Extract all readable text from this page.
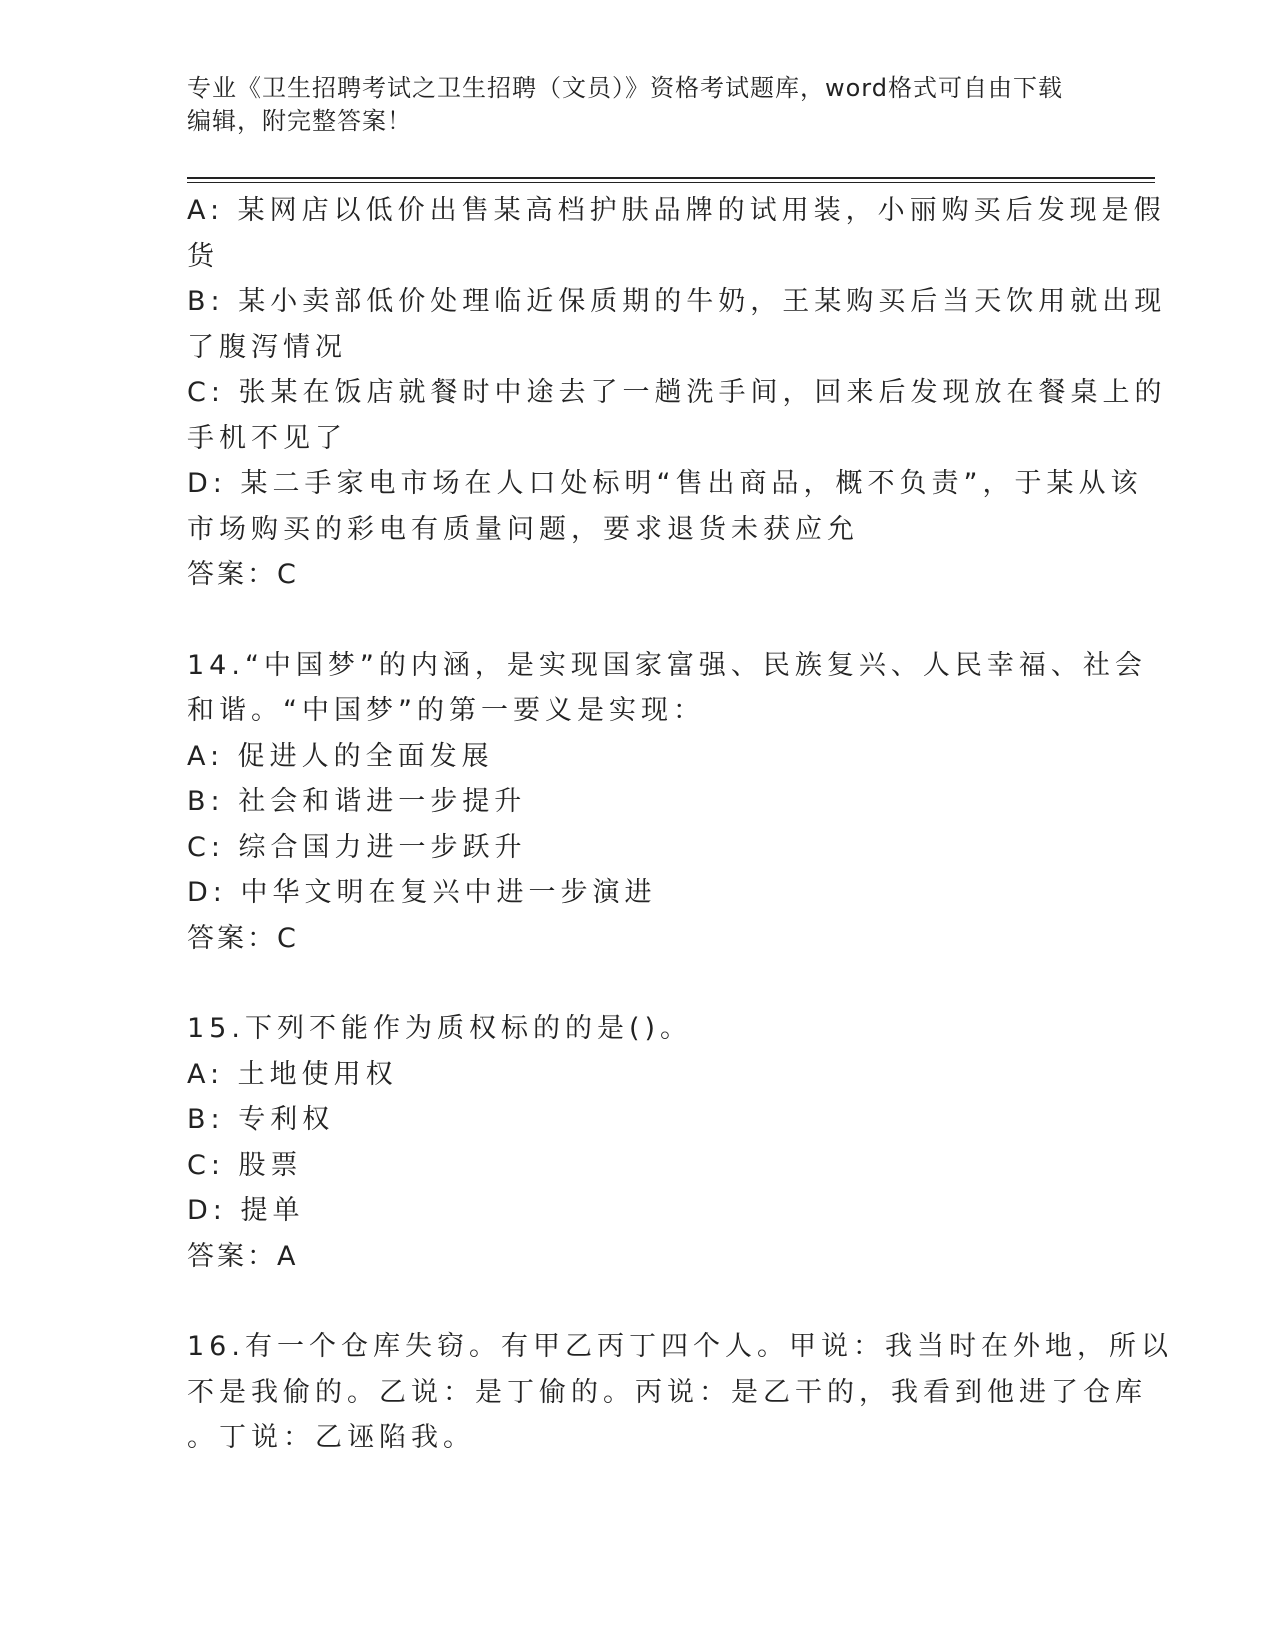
专业《卫生招聘考试之卫生招聘（文员）》资格考试题库，word格式可自由下载
编辑，附完整答案！
A: 某网店以低价出售某高档护肤品牌的试用装，小丽购买后发现是假
货
B: 某小卖部低价处理临近保质期的牛奶，王某购买后当天饮用就出现
了腹泻情况
C: 张某在饭店就餐时中途去了一趟洗手间，回来后发现放在餐桌上的
手机不见了
D: 某二手家电市场在人口处标明“售出商品，概不负责”，于某从该
市场购买的彩电有质量问题，要求退货未获应允
答案：C
14.“中国梦”的内涵，是实现国家富强、民族复兴、人民幸福、社会
和谐。“中国梦”的第一要义是实现：
A: 促进人的全面发展
B: 社会和谐进一步提升
C: 综合国力进一步跃升
D: 中华文明在复兴中进一步演进
答案：C
15.下列不能作为质权标的的是()。
A: 土地使用权
B: 专利权
C: 股票
D: 提单
答案：A
16.有一个仓库失窃。有甲乙丙丁四个人。甲说：我当时在外地，所以
不是我偷的。乙说：是丁偷的。丙说：是乙干的，我看到他进了仓库
。丁说：乙诬陷我。
